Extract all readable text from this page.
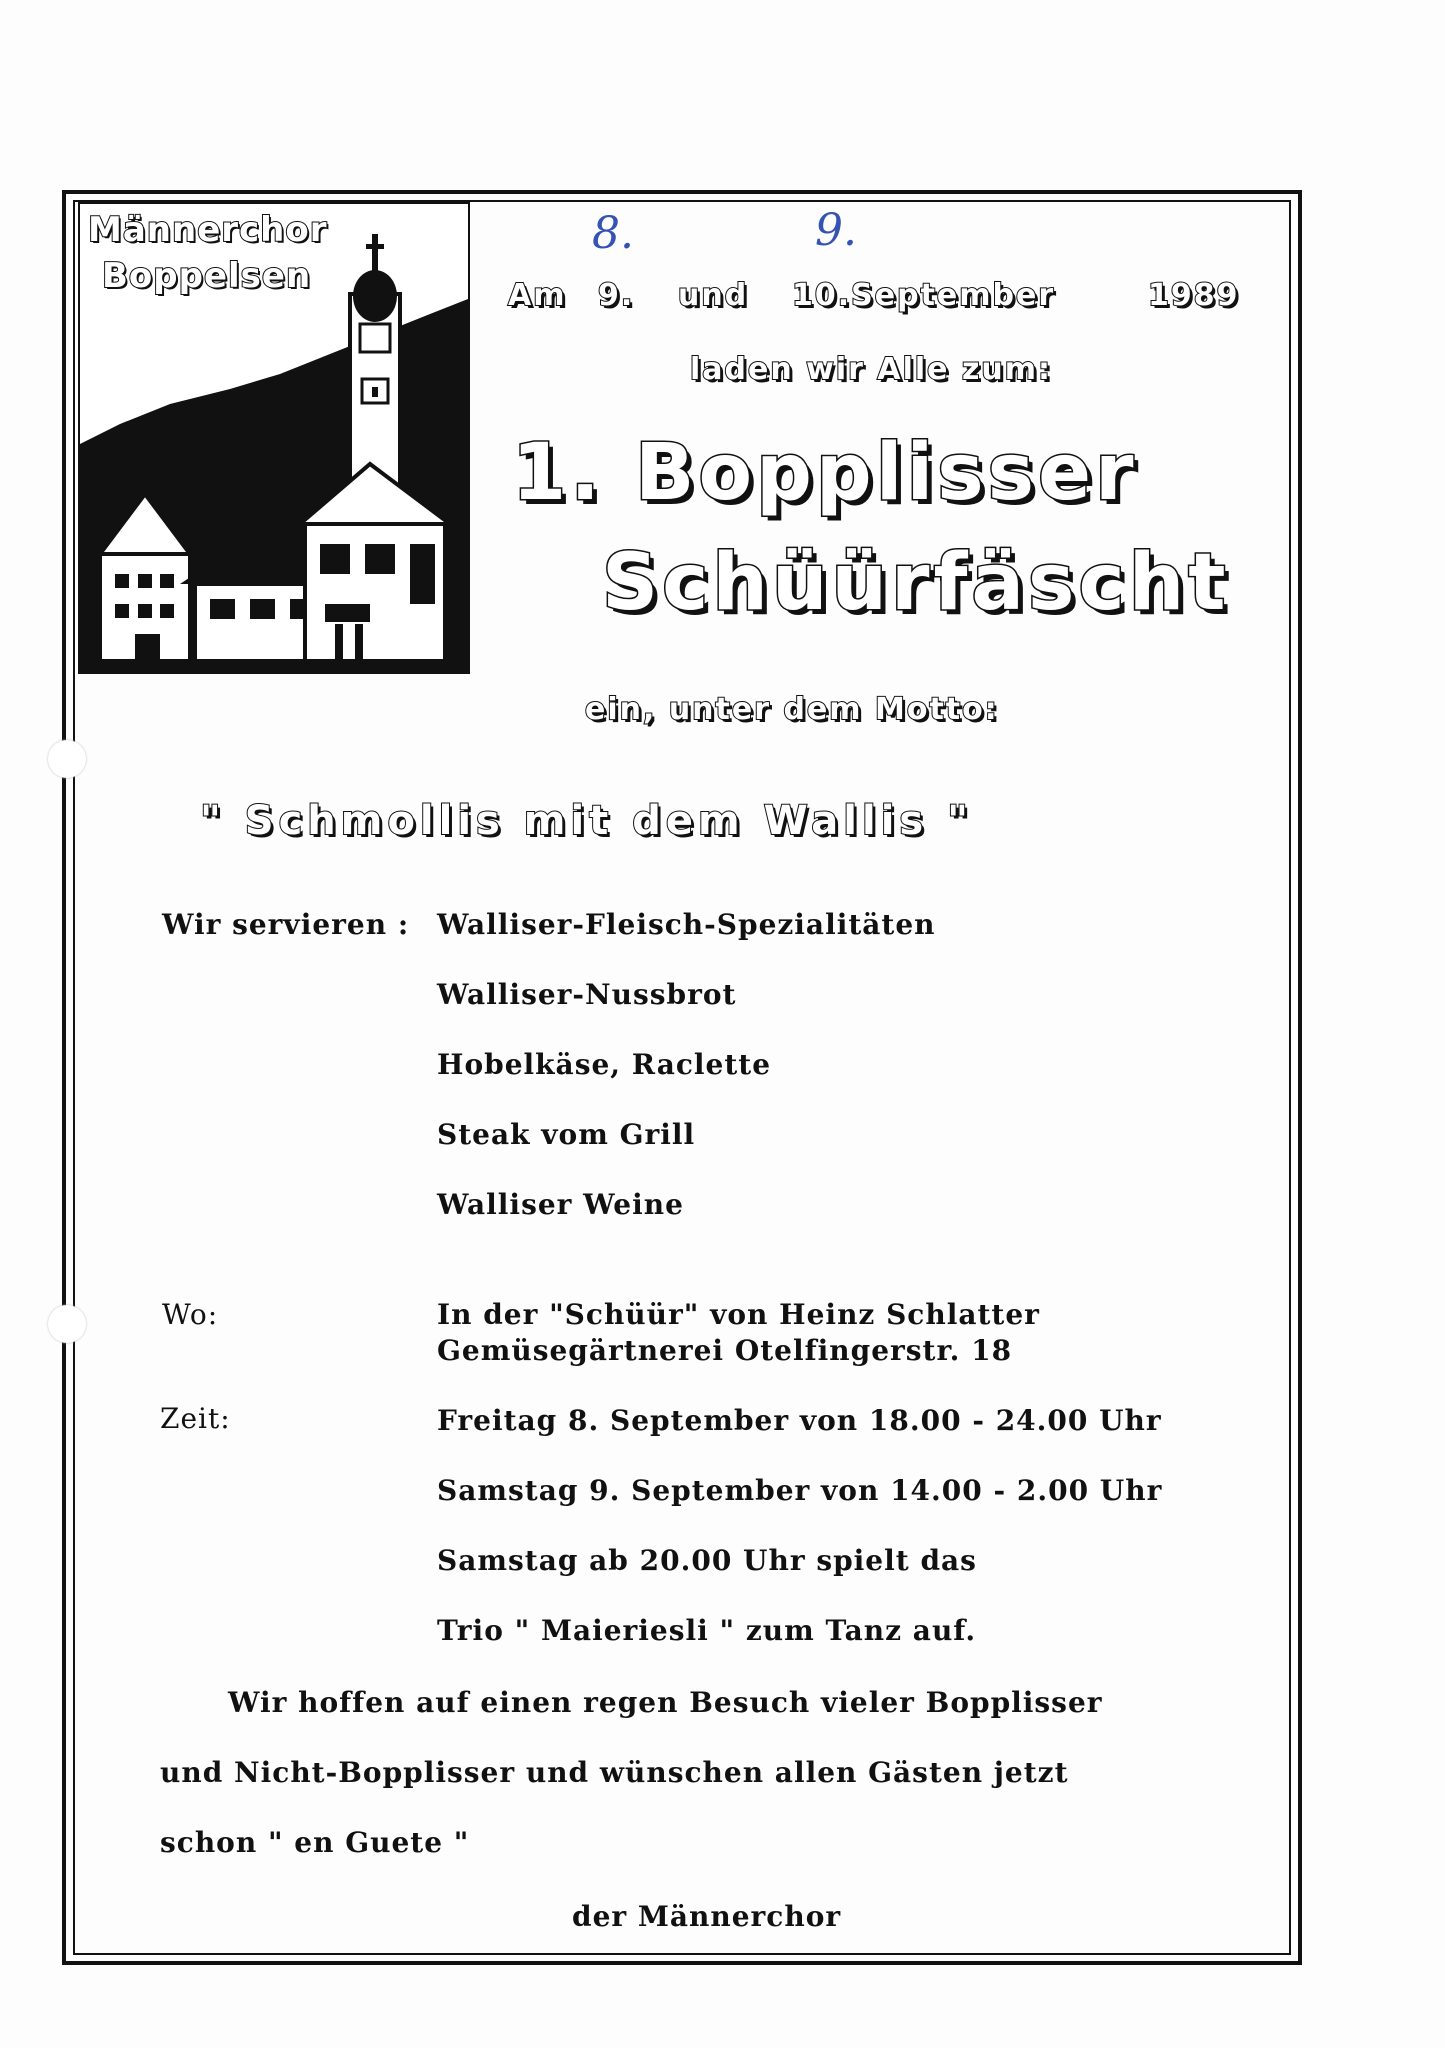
Männerchor
Boppelsen
8.	9.
Am 9. und 10.September	1989
laden wir Alle zum:
1. Bopplisser
Schüürfäscht
ein, unter dem Motto:
" Schmollis mit dem Wallis "
Wir servieren : Walliser-Fleisch-Spezialitäten
Walliser-Nussbrot
Hobelkäse, Raclette
Steak vom Grill
Walliser Weine
Wo:	In der "Schüür" von Heinz Schlatter
Gemüsegärtnerei Otelfingerstr. 18
Zeit:	Freitag 8. September von 18.00 - 24.00 Uhr
Samstag 9. September von 14.00 - 2.00 Uhr
Samstag ab 20.00 Uhr spielt das
Trio " Maieriesli " zum Tanz auf.
Wir hoffen auf einen regen Besuch vieler Bopplisser
und Nicht-Bopplisser und wünschen allen Gästen jetzt
schon " en Guete "
der Männerchor
